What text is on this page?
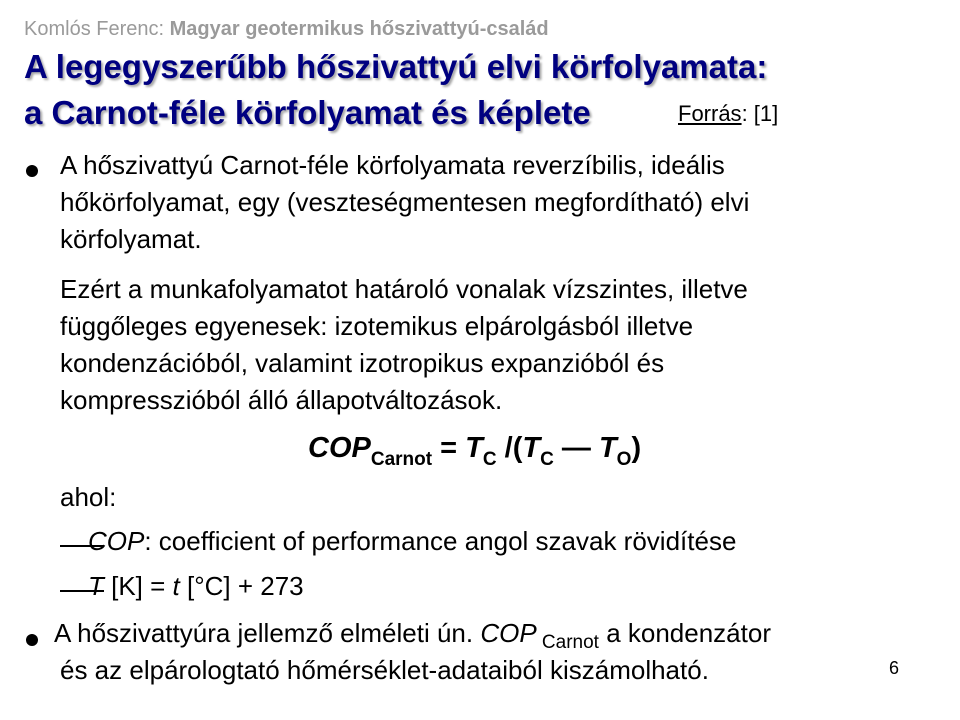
Komlós Ferenc: Magyar geotermikus hőszivattyú-család
A legegyszerűbb hőszivattyú elvi körfolyamata:
a Carnot-féle körfolyamat és képlete	Forrás: [1]
A hőszivattyú Carnot-féle körfolyamata reverzíbilis, ideális
hőkörfolyamat, egy (veszteségmentesen megfordítható) elvi
körfolyamat.
Ezért a munkafolyamatot határoló vonalak vízszintes, illetve
függőleges egyenesek: izotemikus elpárolgásból illetve
kondenzációból, valamint izotropikus expanzióból és
kompresszióból álló állapotváltozások.
$COP_{Carnot} = T_C$ $/(T_C$ — $T_O$)
ahol:
COP: coefficient of performance angol szavak rövidítése
T [K] = t [°C] + 273
A hőszivattyúra jellemző elméleti ún. COP $_{Carnot}$ a kondenzátor
és az elpárologtató hőmérséklet-adataiból kiszámolható.	6
